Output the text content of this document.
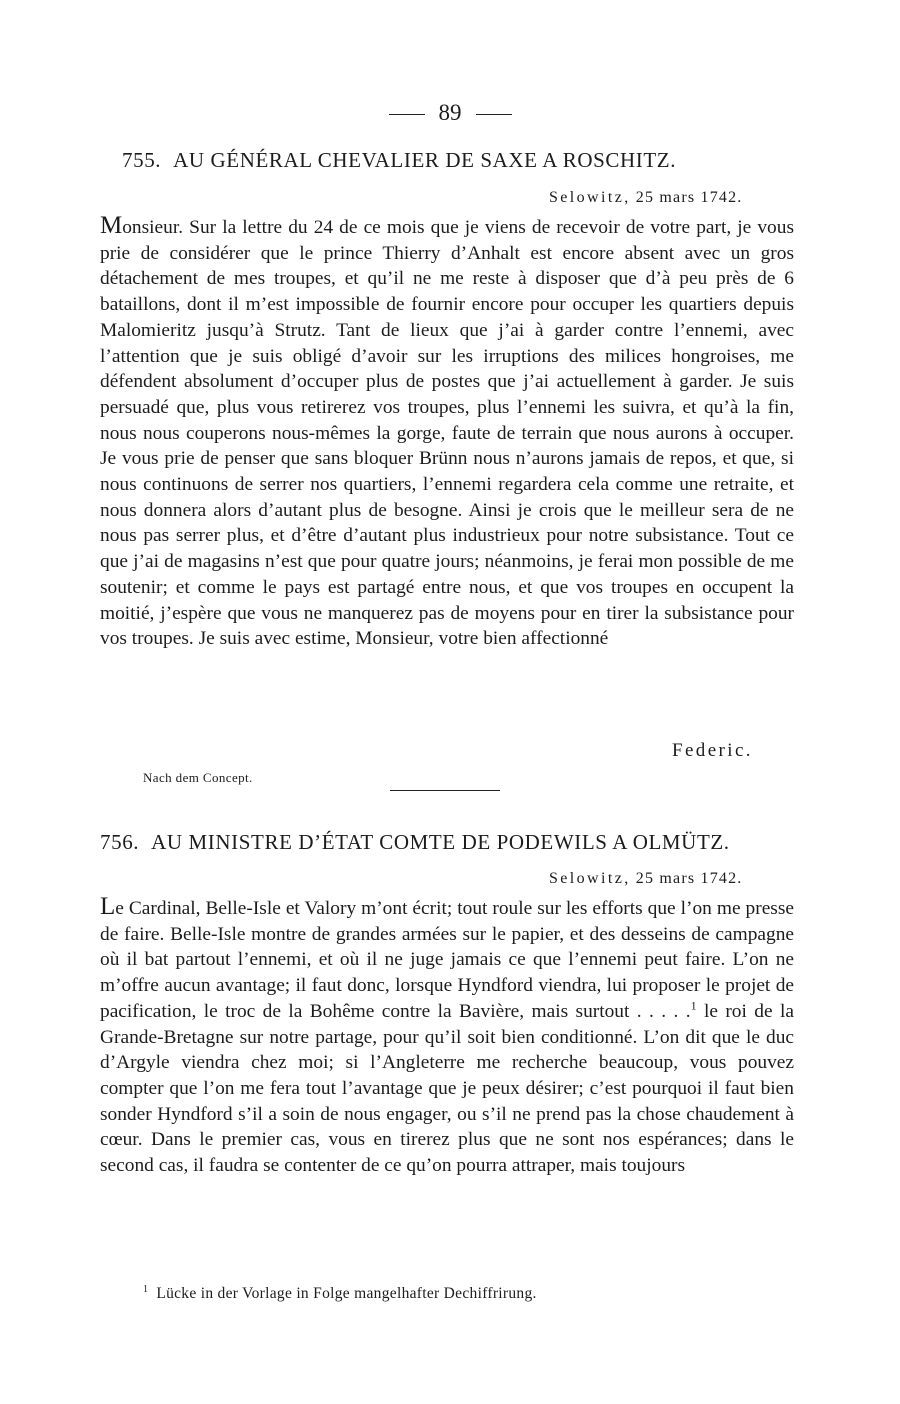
89
755. AU GÉNÉRAL CHEVALIER DE SAXE A ROSCHITZ.
Selowitz, 25 mars 1742.

Monsieur. Sur la lettre du 24 de ce mois que je viens de recevoir de votre part, je vous prie de considérer que le prince Thierry d’Anhalt est encore absent avec un gros détachement de mes troupes, et qu’il ne me reste à disposer que d’à peu près de 6 bataillons, dont il m’est impossible de fournir encore pour occuper les quartiers depuis Malomieritz jusqu’à Strutz. Tant de lieux que j’ai à garder contre l’ennemi, avec l’attention que je suis obligé d’avoir sur les irruptions des milices hongroises, me défendent absolument d’occuper plus de postes que j’ai actuellement à garder. Je suis persuadé que, plus vous retirerez vos troupes, plus l’ennemi les suivra, et qu’à la fin, nous nous couperons nous-mêmes la gorge, faute de terrain que nous aurons à occuper. Je vous prie de penser que sans bloquer Brünn nous n’aurons jamais de repos, et que, si nous continuons de serrer nos quartiers, l’ennemi regardera cela comme une retraite, et nous donnera alors d’autant plus de besogne. Ainsi je crois que le meilleur sera de ne nous pas serrer plus, et d’être d’autant plus industrieux pour notre subsistance. Tout ce que j’ai de magasins n’est que pour quatre jours; néanmoins, je ferai mon possible de me soutenir; et comme le pays est partagé entre nous, et que vos troupes en occupent la moitié, j’espère que vous ne manquerez pas de moyens pour en tirer la subsistance pour vos troupes. Je suis avec estime, Monsieur, votre bien affectionné

Federic.
Nach dem Concept.
756. AU MINISTRE D’ÉTAT COMTE DE PODEWILS A OLMÜTZ.
Selowitz, 25 mars 1742.

Le Cardinal, Belle-Isle et Valory m’ont écrit; tout roule sur les efforts que l’on me presse de faire. Belle-Isle montre de grandes armées sur le papier, et des desseins de campagne où il bat partout l’ennemi, et où il ne juge jamais ce que l’ennemi peut faire. L’on ne m’offre aucun avantage; il faut donc, lorsque Hyndford viendra, lui proposer le projet de pacification, le troc de la Bohême contre la Bavière, mais surtout . . . . .$^1$ le roi de la Grande-Bretagne sur notre partage, pour qu’il soit bien conditionné. L’on dit que le duc d’Argyle viendra chez moi; si l’Angleterre me recherche beaucoup, vous pouvez compter que l’on me fera tout l’avantage que je peux désirer; c’est pourquoi il faut bien sonder Hyndford s’il a soin de nous engager, ou s’il ne prend pas la chose chaudement à cœur. Dans le premier cas, vous en tirerez plus que ne sont nos espérances; dans le second cas, il faudra se contenter de ce qu’on pourra attraper, mais toujours

$^1$ Lücke in der Vorlage in Folge mangelhafter Dechiffrirung.
